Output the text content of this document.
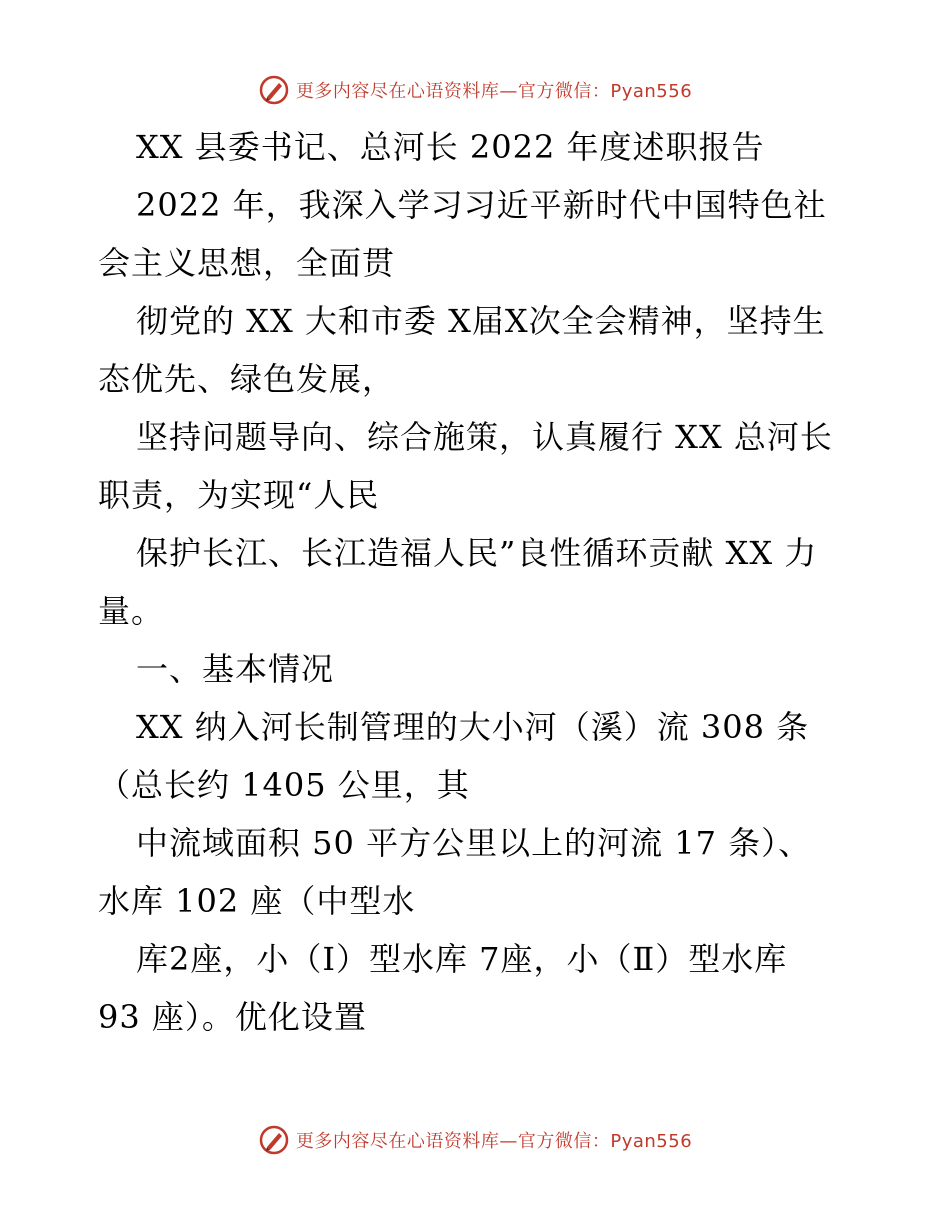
更多内容尽在心语资料库—官方微信：Pyan556
XX 县委书记、总河长 2022 年度述职报告
2022 年，我深入学习习近平新时代中国特色社
会主义思想，全面贯
彻党的 XX 大和市委 X届X次全会精神，坚持生
态优先、绿色发展，
坚持问题导向、综合施策，认真履行 XX 总河长
职责，为实现“人民
保护长江、长江造福人民”良性循环贡献 XX 力
量。
一、基本情况
XX 纳入河长制管理的大小河（溪）流 308 条
（总长约 1405 公里，其
中流域面积 50 平方公里以上的河流 17 条）、
水库 102 座（中型水
库2座，小（Ⅰ）型水库 7座，小（Ⅱ）型水库
93 座）。优化设置
更多内容尽在心语资料库—官方微信：Pyan556
